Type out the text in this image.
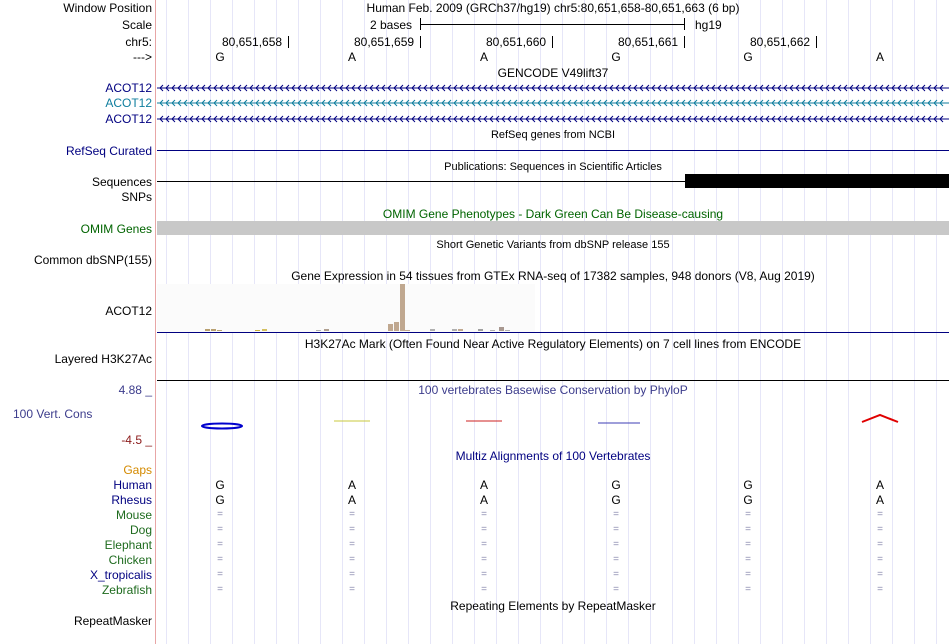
Window Position	Human Feb. 2009 (GRCh37/hg19) chr5:80,651,658-80,651,663 (6 bp)
Scale	2 bases	hg19
chr5:	80,651,658	80,651,659	80,651,660	80,651,661	80,651,662
--->	G	A	A	G	G	A
GENCODE V49lift37
ACOT12
ACOT12
ACOT12
RefSeq genes from NCBI
RefSeq Curated
Publications: Sequences in Scientific Articles
Sequences
SNPs
OMIM Gene Phenotypes - Dark Green Can Be Disease-causing
OMIM Genes
Short Genetic Variants from dbSNP release 155
Common dbSNP(155)
Gene Expression in 54 tissues from GTEx RNA-seq of 17382 samples, 948 donors (V8, Aug 2019)
ACOT12
H3K27Ac Mark (Often Found Near Active Regulatory Elements) on 7 cell lines from ENCODE
Layered H3K27Ac
100 vertebrates Basewise Conservation by PhyloP
4.88 _
100 Vert. Cons
-4.5 _
Multiz Alignments of 100 Vertebrates
Gaps
Human	G	A	A	G	G	A
Rhesus	G	A	A	G	G	A
Mouse	=	=	=	=	=	=
Dog	=	=	=	=	=	=
Elephant	=	=	=	=	=	=
Chicken	=	=	=	=	=	=
X_tropicalis	=	=	=	=	=	=
Zebrafish	=	=	=	=	=	=
Repeating Elements by RepeatMasker
RepeatMasker
